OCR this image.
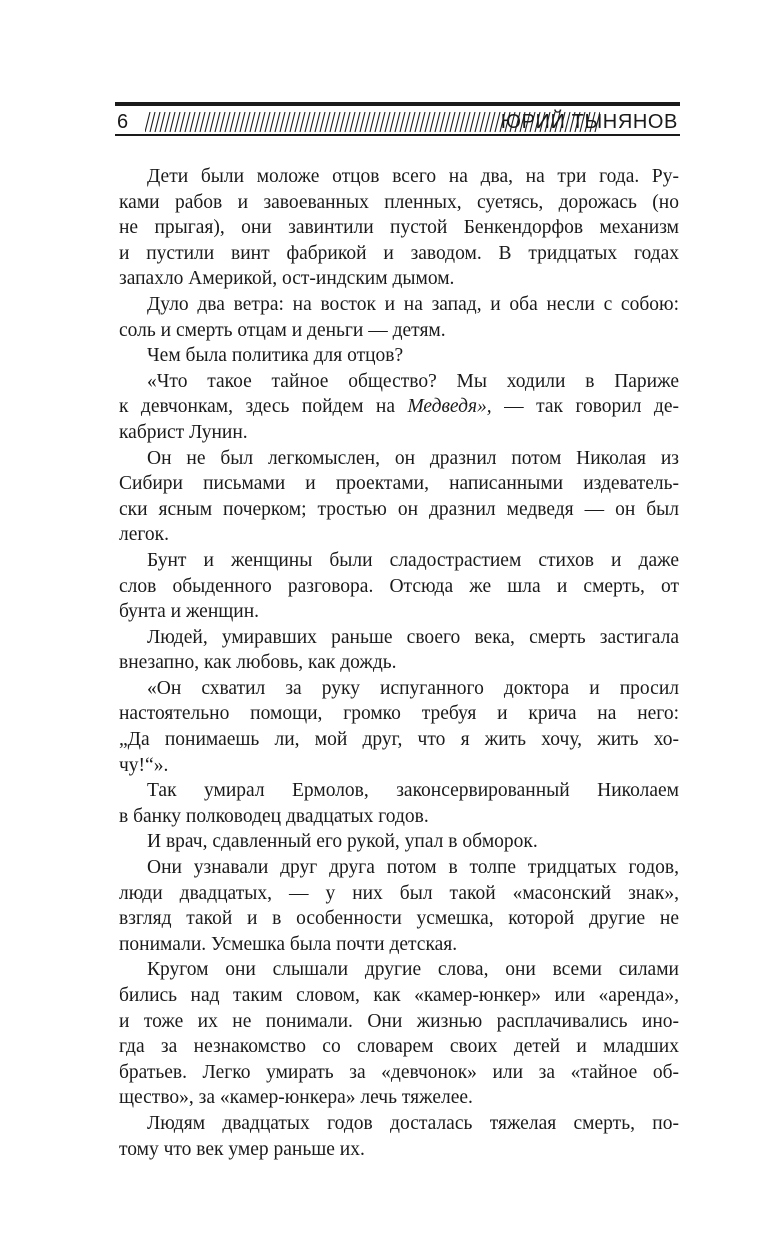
6	ЮРИЙ ТЫНЯНОВ

Дети были моложе отцов всего на два, на три года. Ру-
ками рабов и завоеванных пленных, суетясь, дорожась (но
не прыгая), они завинтили пустой Бенкендорфов механизм
и пустили винт фабрикой и заводом. В тридцатых годах
запахло Америкой, ост-индским дымом.

Дуло два ветра: на восток и на запад, и оба несли с собою:
соль и смерть отцам и деньги — детям.

Чем была политика для отцов?

«Что такое тайное общество? Мы ходили в Париже
к девчонкам, здесь пойдем на Медведя», — так говорил де-
кабрист Лунин.

Он не был легкомыслен, он дразнил потом Николая из
Сибири письмами и проектами, написанными издеватель-
ски ясным почерком; тростью он дразнил медведя — он был
легок.

Бунт и женщины были сладострастием стихов и даже
слов обыденного разговора. Отсюда же шла и смерть, от
бунта и женщин.

Людей, умиравших раньше своего века, смерть застигала
внезапно, как любовь, как дождь.

«Он схватил за руку испуганного доктора и просил
настоятельно помощи, громко требуя и крича на него:
„Да понимаешь ли, мой друг, что я жить хочу, жить хо-
чу!“».

Так умирал Ермолов, законсервированный Николаем
в банку полководец двадцатых годов.

И врач, сдавленный его рукой, упал в обморок.

Они узнавали друг друга потом в толпе тридцатых годов,
люди двадцатых, — у них был такой «масонский знак»,
взгляд такой и в особенности усмешка, которой другие не
понимали. Усмешка была почти детская.

Кругом они слышали другие слова, они всеми силами
бились над таким словом, как «камер-юнкер» или «аренда»,
и тоже их не понимали. Они жизнью расплачивались ино-
гда за незнакомство со словарем своих детей и младших
братьев. Легко умирать за «девчонок» или за «тайное об-
щество», за «камер-юнкера» лечь тяжелее.

Людям двадцатых годов досталась тяжелая смерть, по-
тому что век умер раньше их.
